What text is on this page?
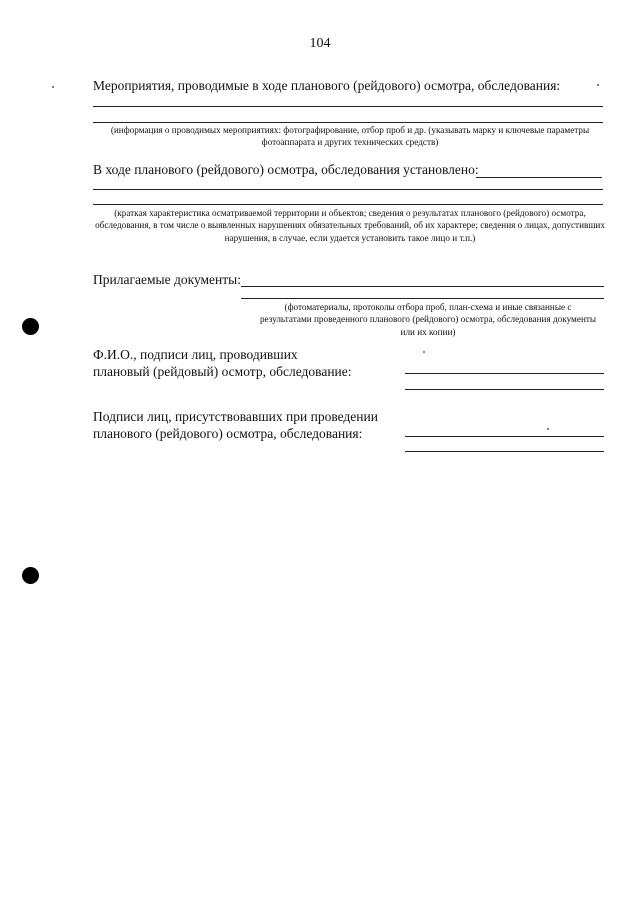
104
Мероприятия, проводимые в ходе планового (рейдового) осмотра, обследования:
(информация о проводимых мероприятиях: фотографирование, отбор проб и др. (указывать марку и ключевые параметры фотоаппарата и других технических средств)
В ходе планового (рейдового) осмотра, обследования установлено:
(краткая характеристика осматриваемой территории и объектов; сведения о результатах планового (рейдового) осмотра, обследования, в том числе о выявленных нарушениях обязательных требований, об их характере; сведения о лицах, допустивших нарушения, в случае, если удается установить такое лицо и т.п.)
Прилагаемые документы:
(фотоматериалы, протоколы отбора проб, план-схема и иные связанные с результатами проведенного планового (рейдового) осмотра, обследования документы или их копии)
Ф.И.О., подписи лиц, проводивших
плановый (рейдовый) осмотр, обследование:
Подписи лиц, присутствовавших при проведении
планового (рейдового) осмотра, обследования:
